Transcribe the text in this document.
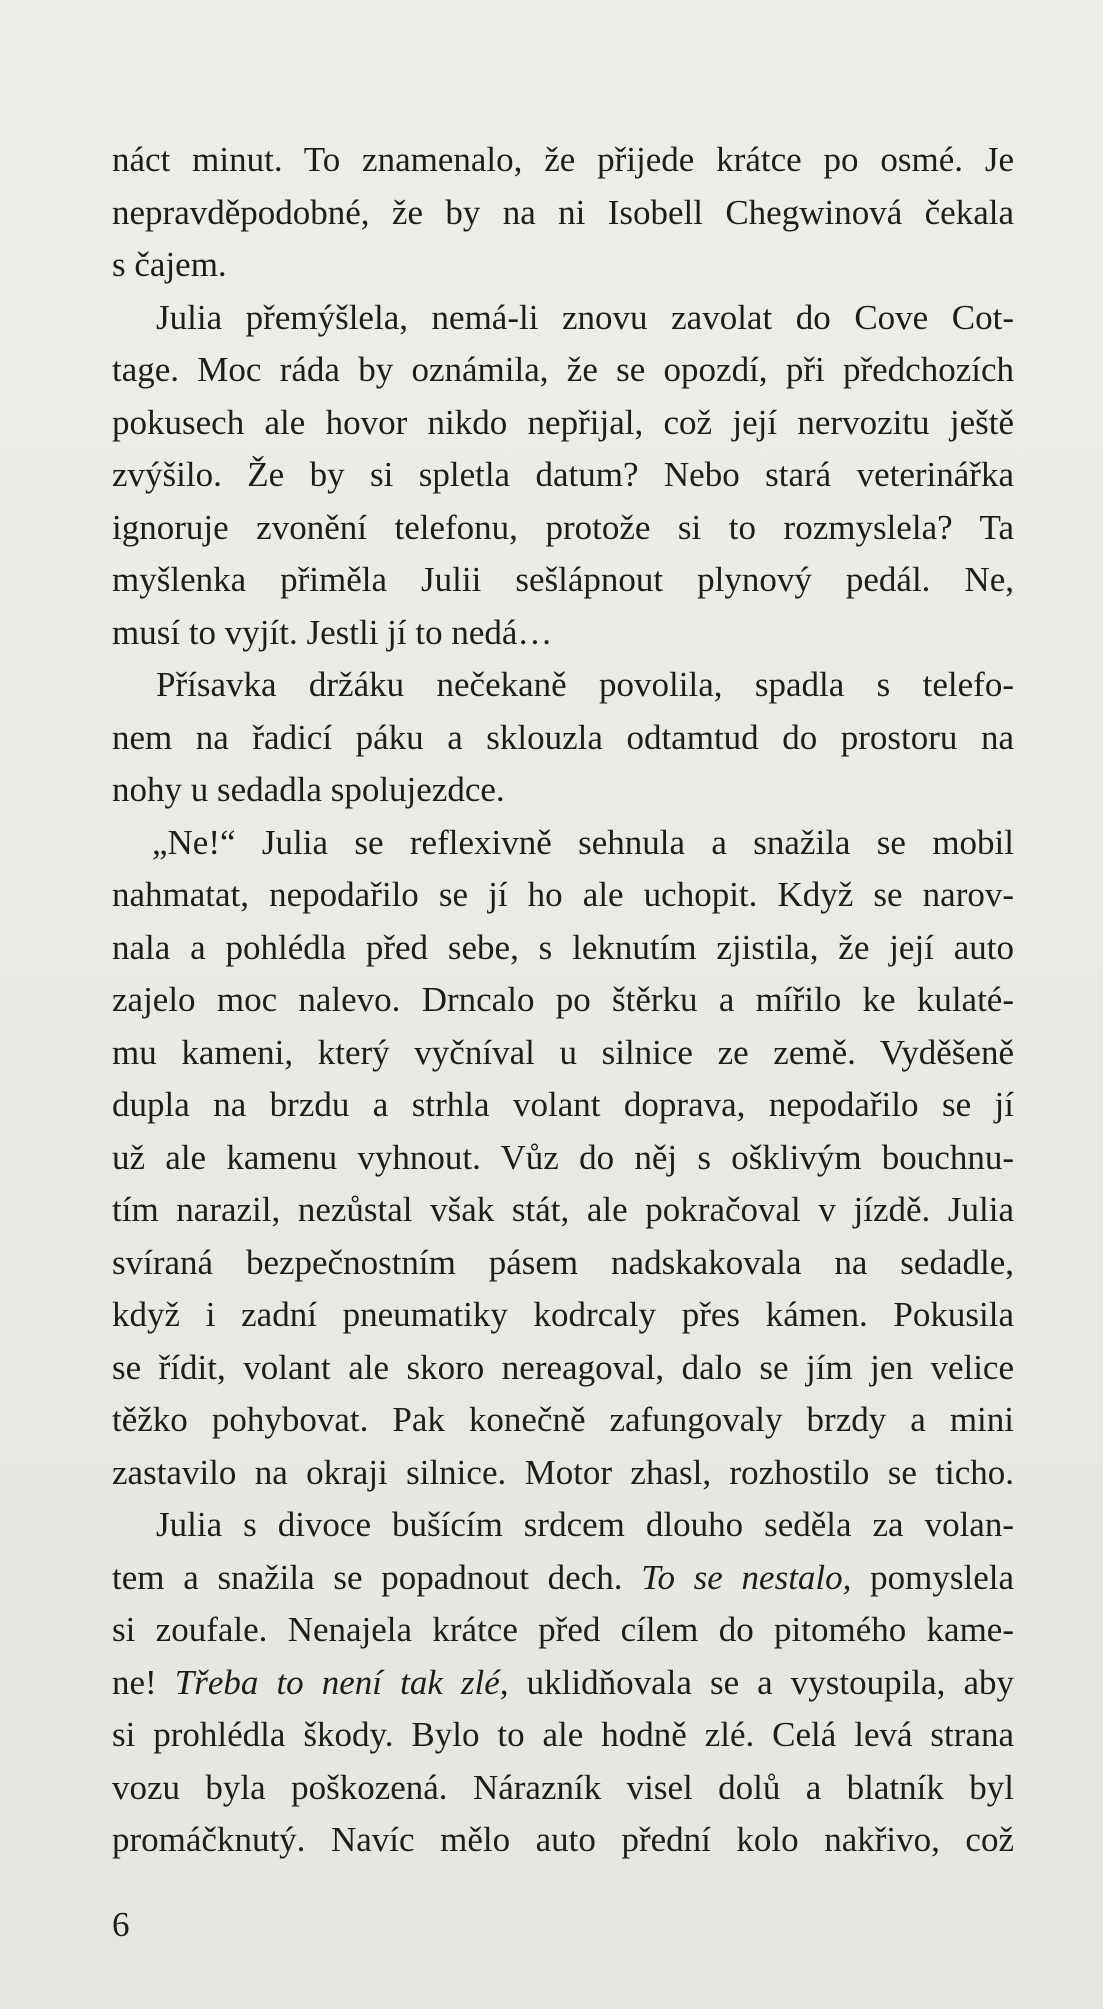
náct minut. To znamenalo, že přijede krátce po osmé. Je
nepravděpodobné, že by na ni Isobell Chegwinová čekala
s čajem.
Julia přemýšlela, nemá-li znovu zavolat do Cove Cot-
tage. Moc ráda by oznámila, že se opozdí, při předchozích
pokusech ale hovor nikdo nepřijal, což její nervozitu ještě
zvýšilo. Že by si spletla datum? Nebo stará veterinářka
ignoruje zvonění telefonu, protože si to rozmyslela? Ta
myšlenka přiměla Julii sešlápnout plynový pedál. Ne,
musí to vyjít. Jestli jí to nedá…
Přísavka držáku nečekaně povolila, spadla s telefo-
nem na řadicí páku a sklouzla odtamtud do prostoru na
nohy u sedadla spolujezdce.
„Ne!“ Julia se reflexivně sehnula a snažila se mobil
nahmatat, nepodařilo se jí ho ale uchopit. Když se narov-
nala a pohlédla před sebe, s leknutím zjistila, že její auto
zajelo moc nalevo. Drncalo po štěrku a mířilo ke kulaté-
mu kameni, který vyčníval u silnice ze země. Vyděšeně
dupla na brzdu a strhla volant doprava, nepodařilo se jí
už ale kamenu vyhnout. Vůz do něj s ošklivým bouchnu-
tím narazil, nezůstal však stát, ale pokračoval v jízdě. Julia
svíraná bezpečnostním pásem nadskakovala na sedadle,
když i zadní pneumatiky kodrcaly přes kámen. Pokusila
se řídit, volant ale skoro nereagoval, dalo se jím jen velice
těžko pohybovat. Pak konečně zafungovaly brzdy a mini
zastavilo na okraji silnice. Motor zhasl, rozhostilo se ticho.
Julia s divoce bušícím srdcem dlouho seděla za volan-
tem a snažila se popadnout dech. To se nestalo, pomyslela
si zoufale. Nenajela krátce před cílem do pitomého kame-
ne! Třeba to není tak zlé, uklidňovala se a vystoupila, aby
si prohlédla škody. Bylo to ale hodně zlé. Celá levá strana
vozu byla poškozená. Nárazník visel dolů a blatník byl
promáčknutý. Navíc mělo auto přední kolo nakřivo, což
6
